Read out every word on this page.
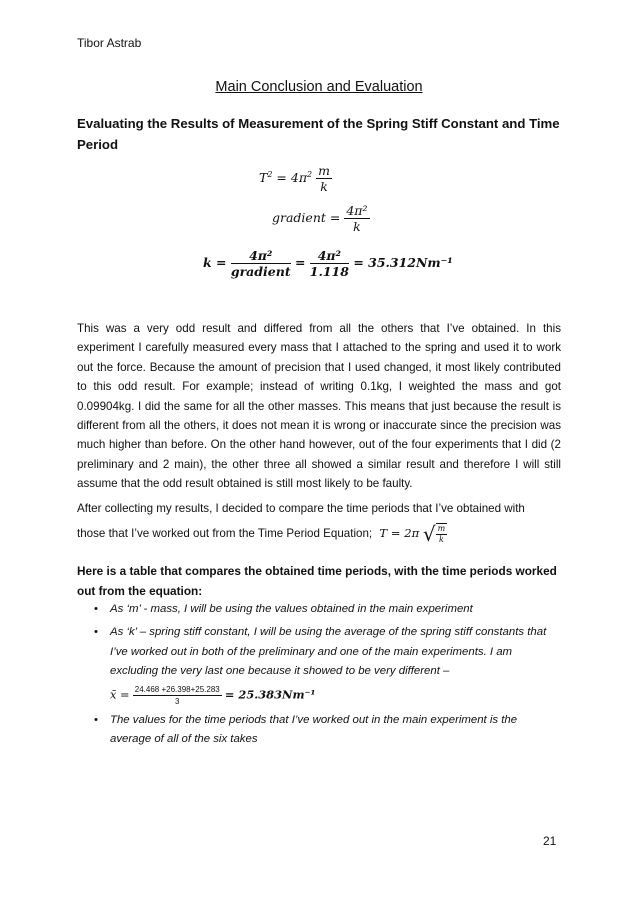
Tibor Astrab
Main Conclusion and Evaluation
Evaluating the Results of Measurement of the Spring Stiff Constant and Time Period
$T^2 = 4\pi^2 \frac{m}{k}$
gradient = $\frac{\text{4π²}}{k}$
$k = \frac{\text{4π²}}{\text{gradient}} = \frac{\text{4π²}}{1.118} = 35.312Nm^{-1}$
This was a very odd result and differed from all the others that I’ve obtained. In this experiment I carefully measured every mass that I attached to the spring and used it to work out the force. Because the amount of precision that I used changed, it most likely contributed to this odd result. For example; instead of writing 0.1kg, I weighted the mass and got 0.09904kg. I did the same for all the other masses. This means that just because the result is different from all the others, it does not mean it is wrong or inaccurate since the precision was much higher than before. On the other hand however, out of the four experiments that I did (2 preliminary and 2 main), the other three all showed a similar result and therefore I will still assume that the odd result obtained is still most likely to be faulty.
After collecting my results, I decided to compare the time periods that I’ve obtained with
those that I’ve worked out from the Time Period Equation; T = 2π √ $\frac{m}{k}$
Here is a table that compares the obtained time periods, with the time periods worked out from the equation:
• As ‘m’ - mass, I will be using the values obtained in the main experiment
• As ‘k’ – spring stiff constant, I will be using the average of the spring stiff constants that I’ve worked out in both of the preliminary and one of the main experiments. I am excluding the very last one because it showed to be very different –
x̄ = $\frac{24.468 +26.398+25.283}{3} = 25.383Nm^{-1}$
• The values for the time periods that I’ve worked out in the main experiment is the average of all of the six takes
21
